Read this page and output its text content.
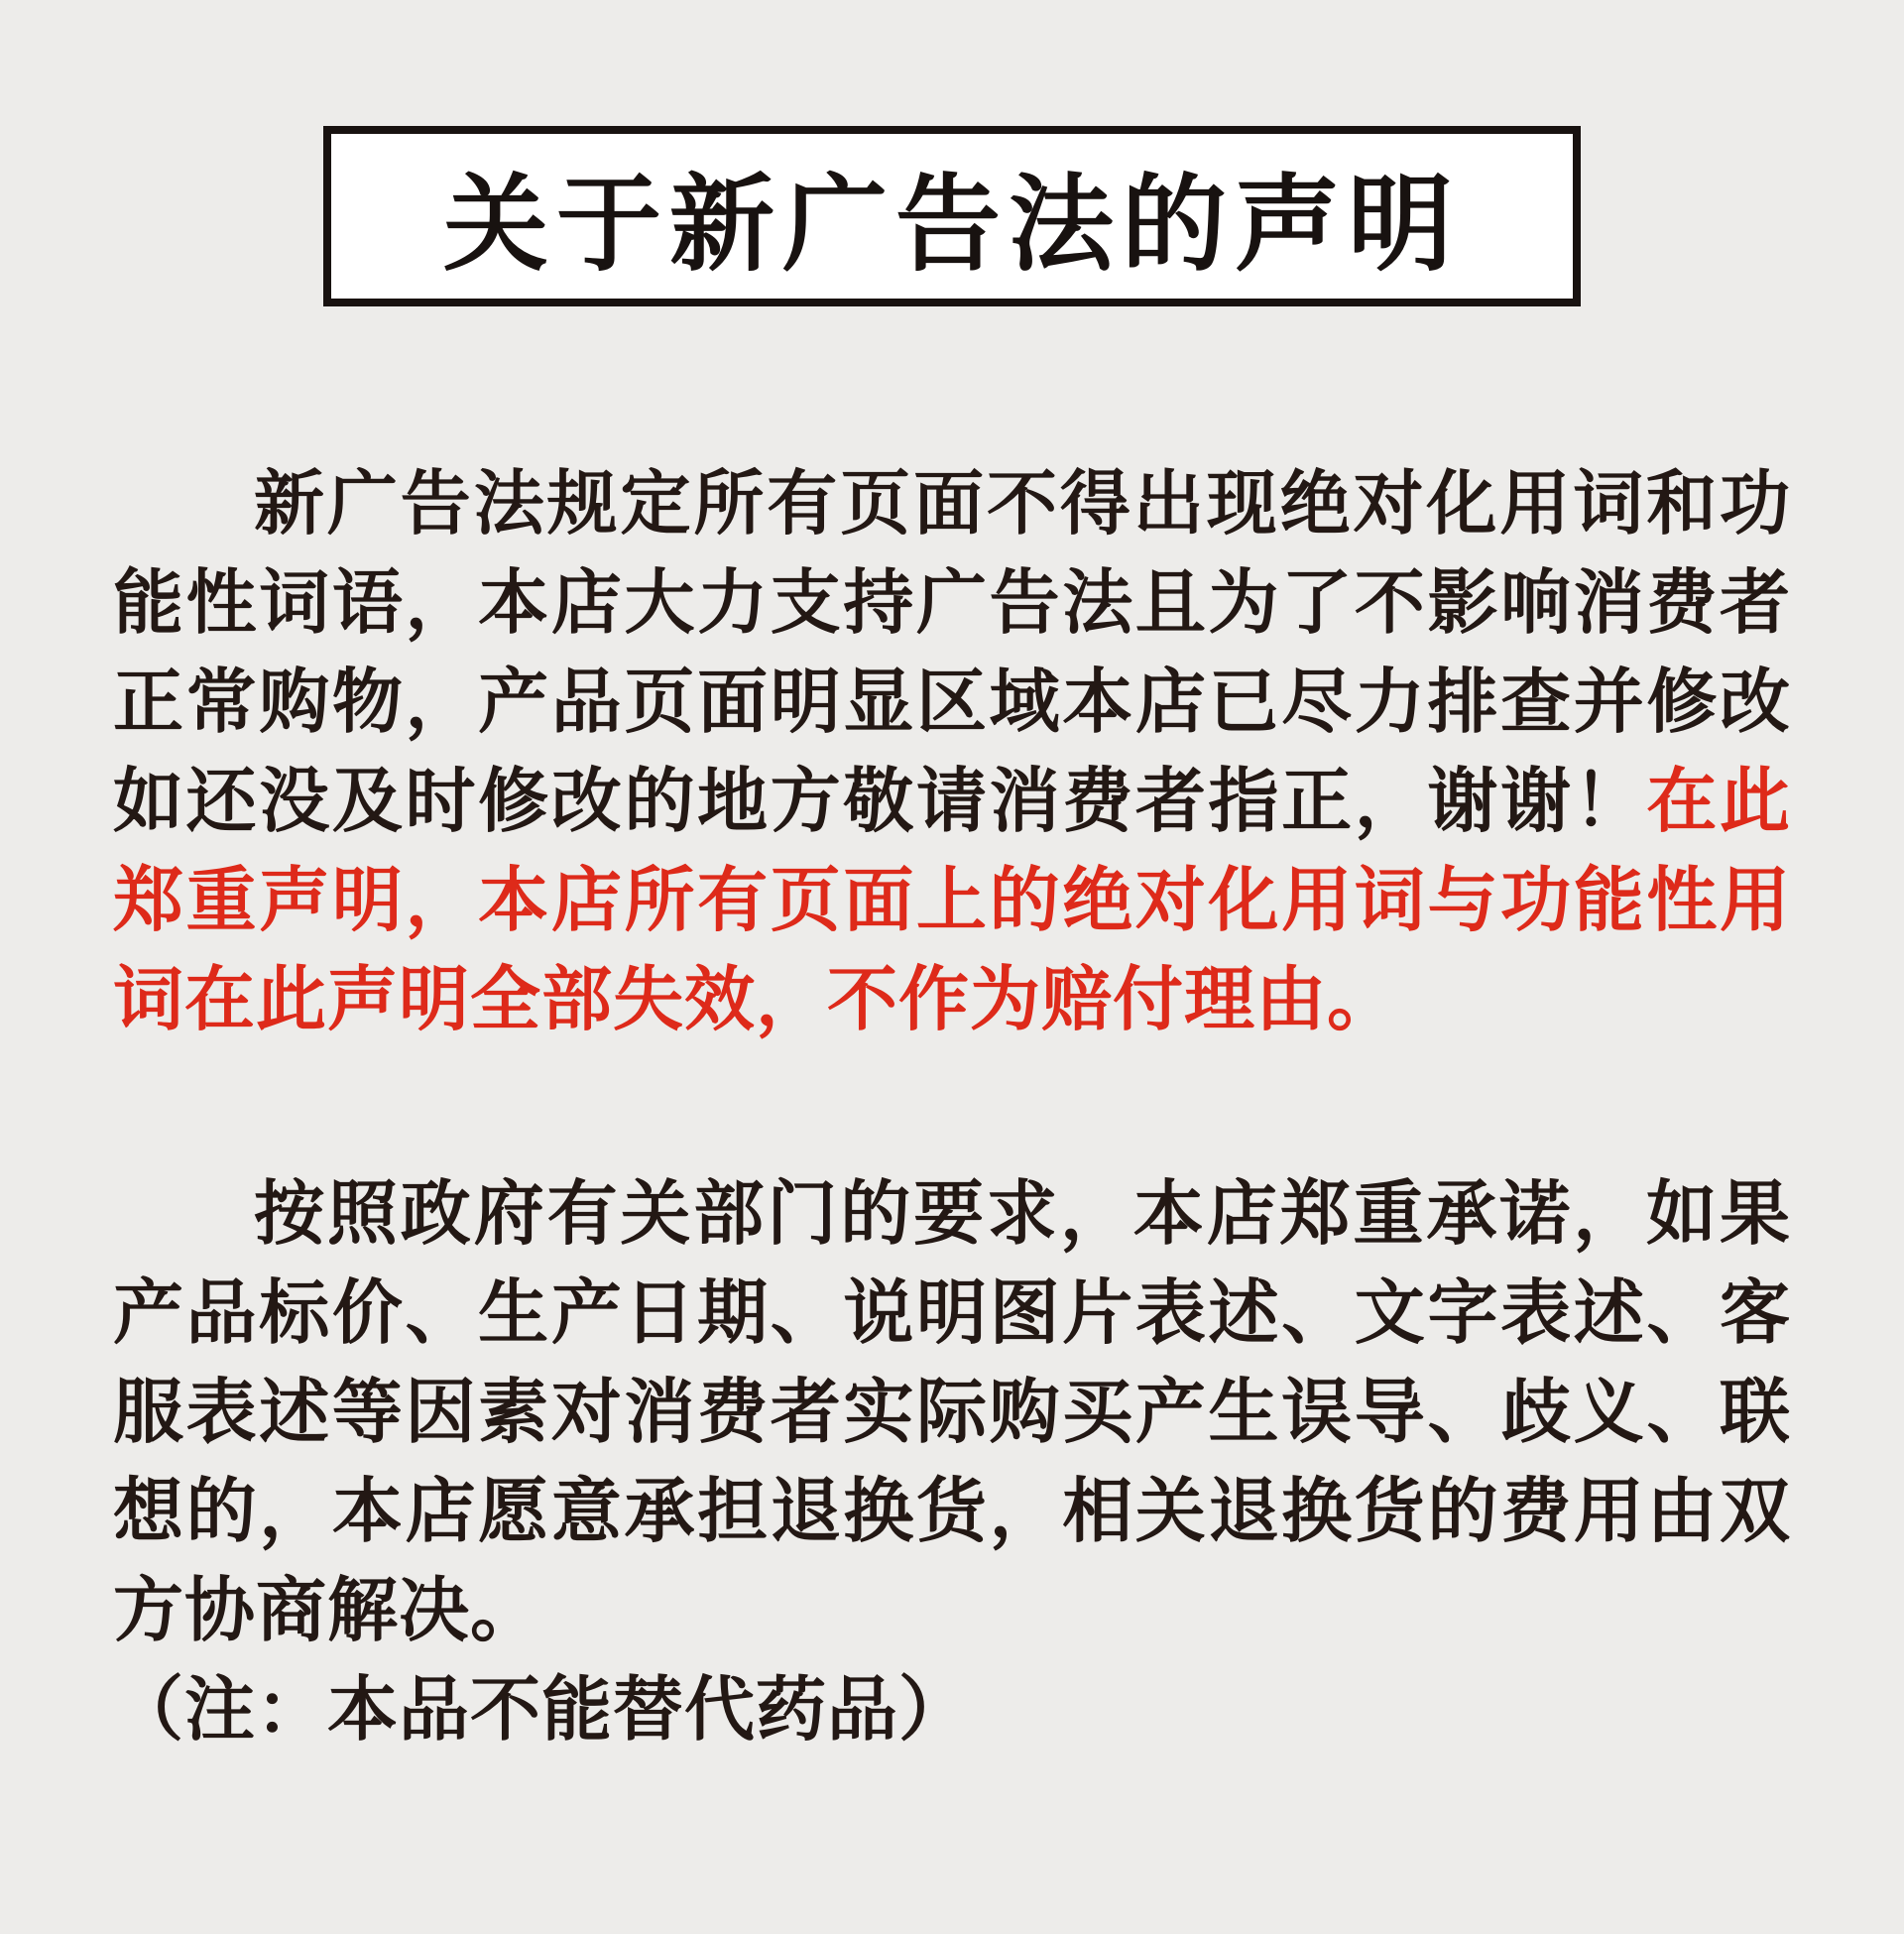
关于新广告法的声明

新广告法规定所有页面不得出现绝对化用词和功能性词语，本店大力支持广告法且为了不影响消费者正常购物，产品页面明显区域本店已尽力排查并修改如还没及时修改的地方敬请消费者指正，谢谢！在此郑重声明，本店所有页面上的绝对化用词与功能性用词在此声明全部失效，不作为赔付理由。

按照政府有关部门的要求，本店郑重承诺，如果产品标价、生产日期、说明图片表述、文字表述、客服表述等因素对消费者实际购买产生误导、歧义、联想的，本店愿意承担退换货，相关退换货的费用由双方协商解决。

（注：本品不能替代药品）
